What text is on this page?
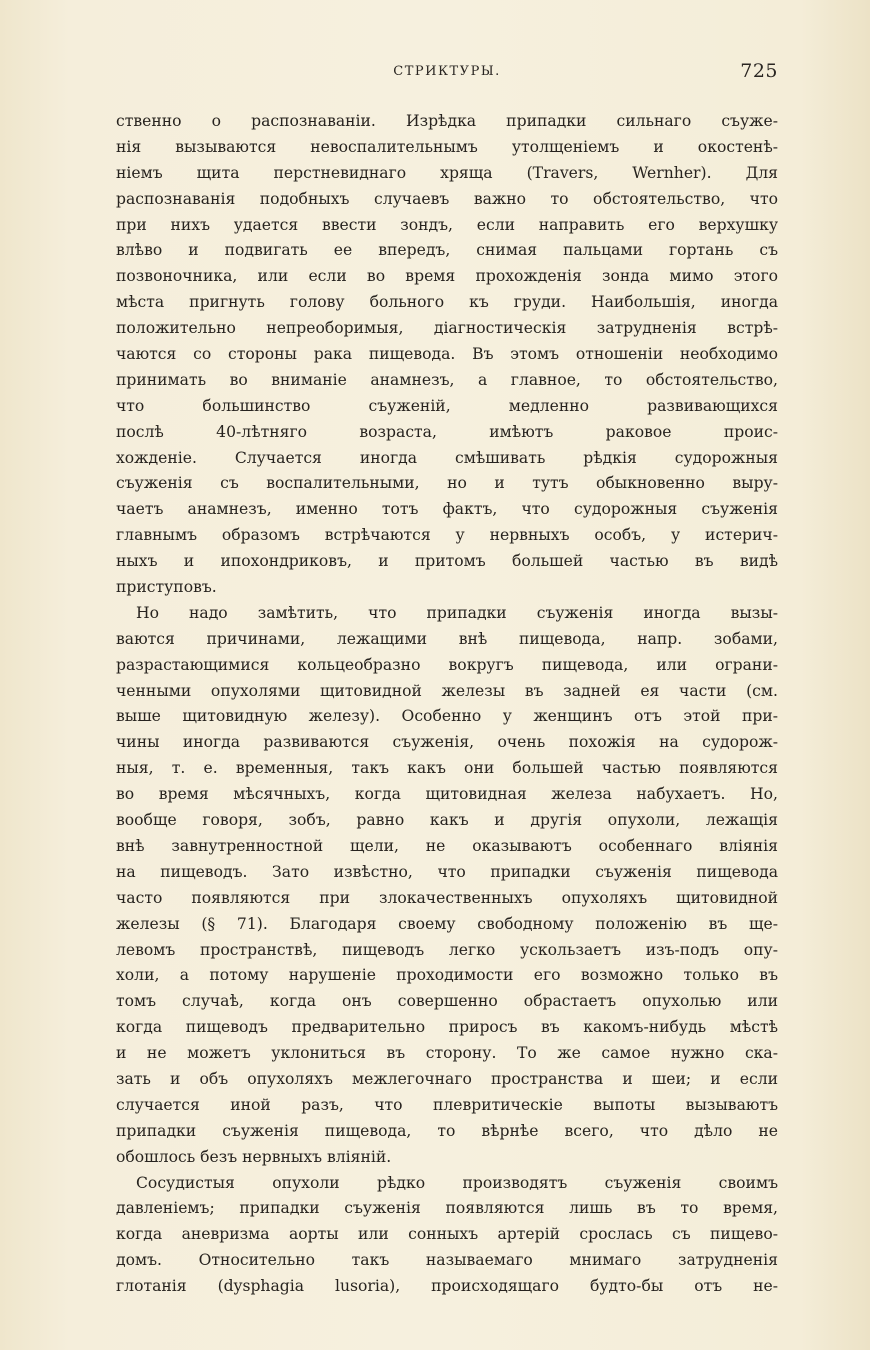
СТРИКТУРЫ.	725
ственно о распознаваніи. Изрѣдка припадки сильнаго съуже-
нія вызываются невоспалительнымъ утолщеніемъ и окостенѣ-
ніемъ щита перстневиднаго хряща (Travers, Wernher). Для
распознаванія подобныхъ случаевъ важно то обстоятельство, что
при нихъ удается ввести зондъ, если направить его верхушку
влѣво и подвигать ее впередъ, снимая пальцами гортань съ
позвоночника, или если во время прохожденія зонда мимо этого
мѣста пригнуть голову больного къ груди. Наибольшія, иногда
положительно непреоборимыя, діагностическія затрудненія встрѣ-
чаются со стороны рака пищевода. Въ этомъ отношеніи необходимо
принимать во вниманіе анамнезъ, а главное, то обстоятельство,
что большинство съуженій, медленно развивающихся
послѣ 40-лѣтняго возраста, имѣютъ раковое проис-
хожденіе. Случается иногда смѣшивать рѣдкія судорожныя
съуженія съ воспалительными, но и тутъ обыкновенно выру-
чаетъ анамнезъ, именно тотъ фактъ, что судорожныя съуженія
главнымъ образомъ встрѣчаются у нервныхъ особъ, у истерич-
ныхъ и ипохондриковъ, и притомъ большей частью въ видѣ
приступовъ.
Но надо замѣтить, что припадки съуженія иногда вызы-
ваются причинами, лежащими внѣ пищевода, напр. зобами,
разрастающимися кольцеобразно вокругъ пищевода, или ограни-
ченными опухолями щитовидной железы въ задней ея части (см.
выше щитовидную железу). Особенно у женщинъ отъ этой при-
чины иногда развиваются съуженія, очень похожія на судорож-
ныя, т. е. временныя, такъ какъ они большей частью появляются
во время мѣсячныхъ, когда щитовидная железа набухаетъ. Но,
вообще говоря, зобъ, равно какъ и другія опухоли, лежащія
внѣ завнутренностной щели, не оказываютъ особеннаго вліянія
на пищеводъ. Зато извѣстно, что припадки съуженія пищевода
часто появляются при злокачественныхъ опухоляхъ щитовидной
железы (§ 71). Благодаря своему свободному положенію въ ще-
левомъ пространствѣ, пищеводъ легко ускользаетъ изъ-подъ опу-
холи, а потому нарушеніе проходимости его возможно только въ
томъ случаѣ, когда онъ совершенно обрастаетъ опухолью или
когда пищеводъ предварительно приросъ въ какомъ-нибудь мѣстѣ
и не можетъ уклониться въ сторону. То же самое нужно ска-
зать и объ опухоляхъ межлегочнаго пространства и шеи; и если
случается иной разъ, что плевритическіе выпоты вызываютъ
припадки съуженія пищевода, то вѣрнѣе всего, что дѣло не
обошлось безъ нервныхъ вліяній.
Сосудистыя опухоли рѣдко производятъ съуженія своимъ
давленіемъ; припадки съуженія появляются лишь въ то время,
когда аневризма аорты или сонныхъ артерій срослась съ пищево-
домъ. Относительно такъ называемаго мнимаго затрудненія
глотанія (dysphagia lusoria), происходящаго будто-бы отъ не-
